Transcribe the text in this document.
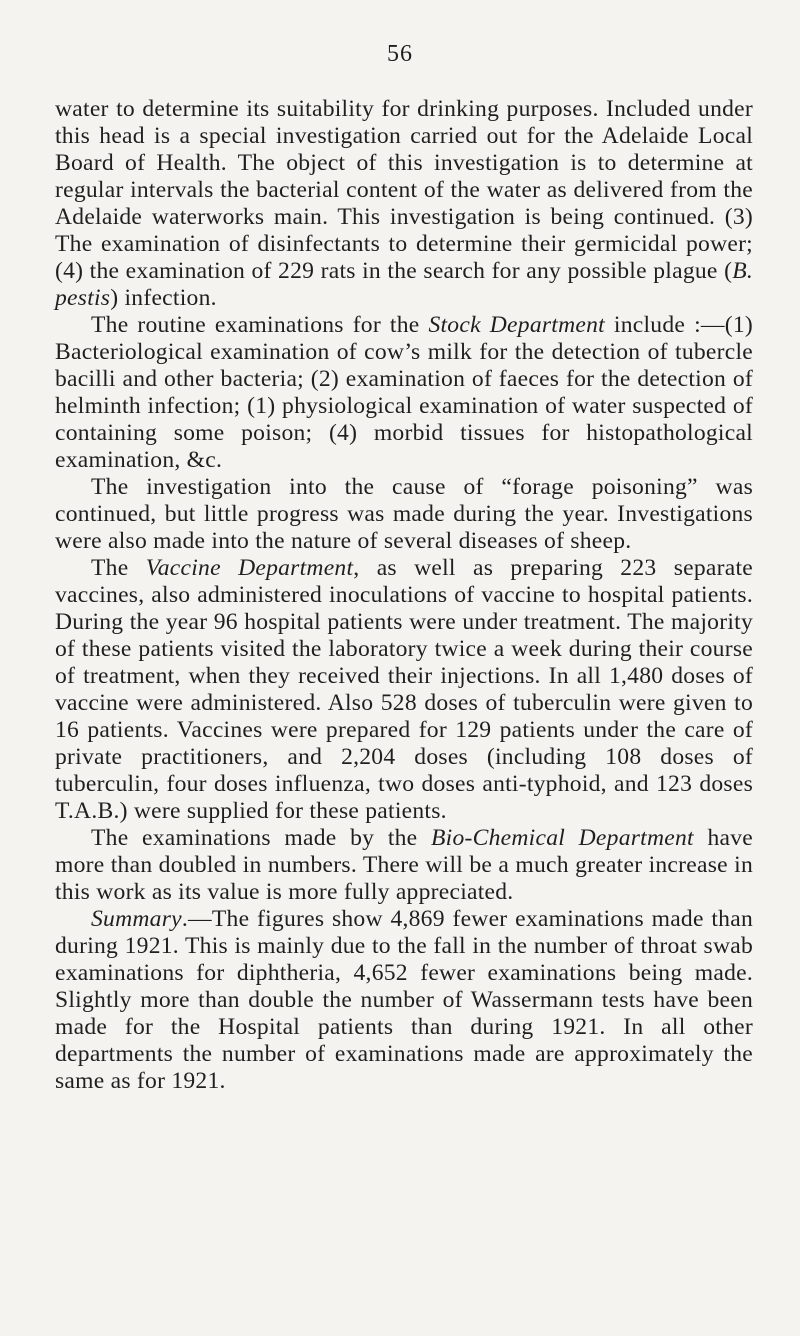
56

water to determine its suitability for drinking purposes. Included under this head is a special investigation carried out for the Adelaide Local Board of Health. The object of this investigation is to determine at regular intervals the bacterial content of the water as delivered from the Adelaide waterworks main. This investigation is being continued. (3) The examination of disinfectants to determine their germicidal power; (4) the examination of 229 rats in the search for any possible plague (B. pestis) infection.

The routine examinations for the Stock Department include :—(1) Bacteriological examination of cow’s milk for the detection of tubercle bacilli and other bacteria; (2) examination of faeces for the detection of helminth infection; (1) physiological examination of water suspected of containing some poison; (4) morbid tissues for histopathological examination, &c.

The investigation into the cause of “forage poisoning” was continued, but little progress was made during the year. Investigations were also made into the nature of several diseases of sheep.

The Vaccine Department, as well as preparing 223 separate vaccines, also administered inoculations of vaccine to hospital patients. During the year 96 hospital patients were under treatment. The majority of these patients visited the laboratory twice a week during their course of treatment, when they received their injections. In all 1,480 doses of vaccine were administered. Also 528 doses of tuberculin were given to 16 patients. Vaccines were prepared for 129 patients under the care of private practitioners, and 2,204 doses (including 108 doses of tuberculin, four doses influenza, two doses anti-typhoid, and 123 doses T.A.B.) were supplied for these patients.

The examinations made by the Bio-Chemical Department have more than doubled in numbers. There will be a much greater increase in this work as its value is more fully appreciated.

Summary.—The figures show 4,869 fewer examinations made than during 1921. This is mainly due to the fall in the number of throat swab examinations for diphtheria, 4,652 fewer examinations being made. Slightly more than double the number of Wassermann tests have been made for the Hospital patients than during 1921. In all other departments the number of examinations made are approximately the same as for 1921.
